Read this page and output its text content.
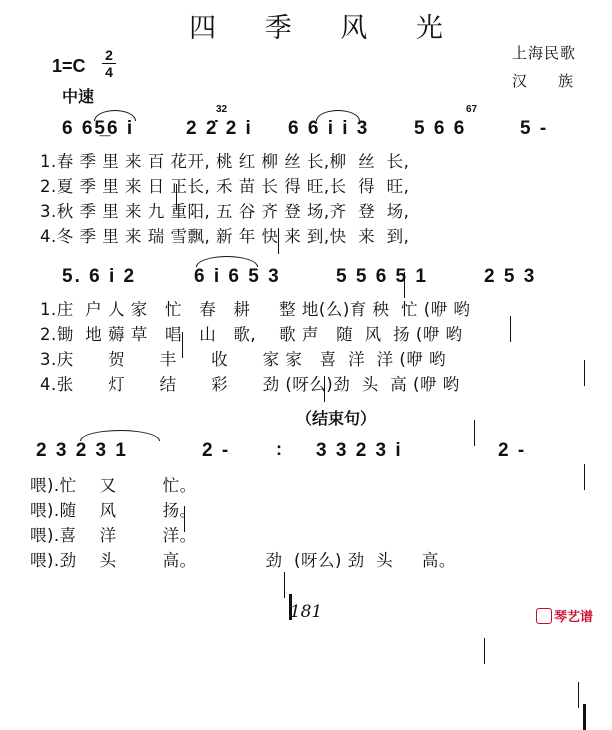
四 季 风 光
上海民歌
汉 族
1=C
2
4
中速

6 65̲6 i

	2 2̇ 2 i

6 6 i i 3

5 6 6

	5 -

32	67
1.春 季 里 来 百 花开, 桃 红 柳 丝 长,柳  丝  长,
2.夏 季 里 来 日 正长, 禾 苗 长 得 旺,长  得  旺,
3.秋 季 里 来 九 重阳, 五 谷 齐 登 场,齐  登  场,
4.冬 季 里 来 瑞 雪飘, 新 年 快 来 到,快  来  到,

5. 6 i 2

	6 i 6 5 3

	5 5 6 5 1

	2 5 3

1.庄  户 人 家   忙   春   耕     整 地(么)育 秧  忙 (咿 哟
2.锄  地 薅 草   唱   山   歌,    歌 声   随  风  扬 (咿 哟
3.庆      贺      丰      收      家 家   喜  洋  洋 (咿 哟
4.张      灯      结      彩      劲 (呀么)劲  头  高 (咿 哟
（结束句）

2 3 2 3 1

	2 -

	:

3 3 2 3 i

	2 -

喂).忙    又        忙。
喂).随    风        扬。
喂).喜    洋        洋。
喂).劲    头        高。            劲  (呀么) 劲  头     高。
181	琴艺谱
